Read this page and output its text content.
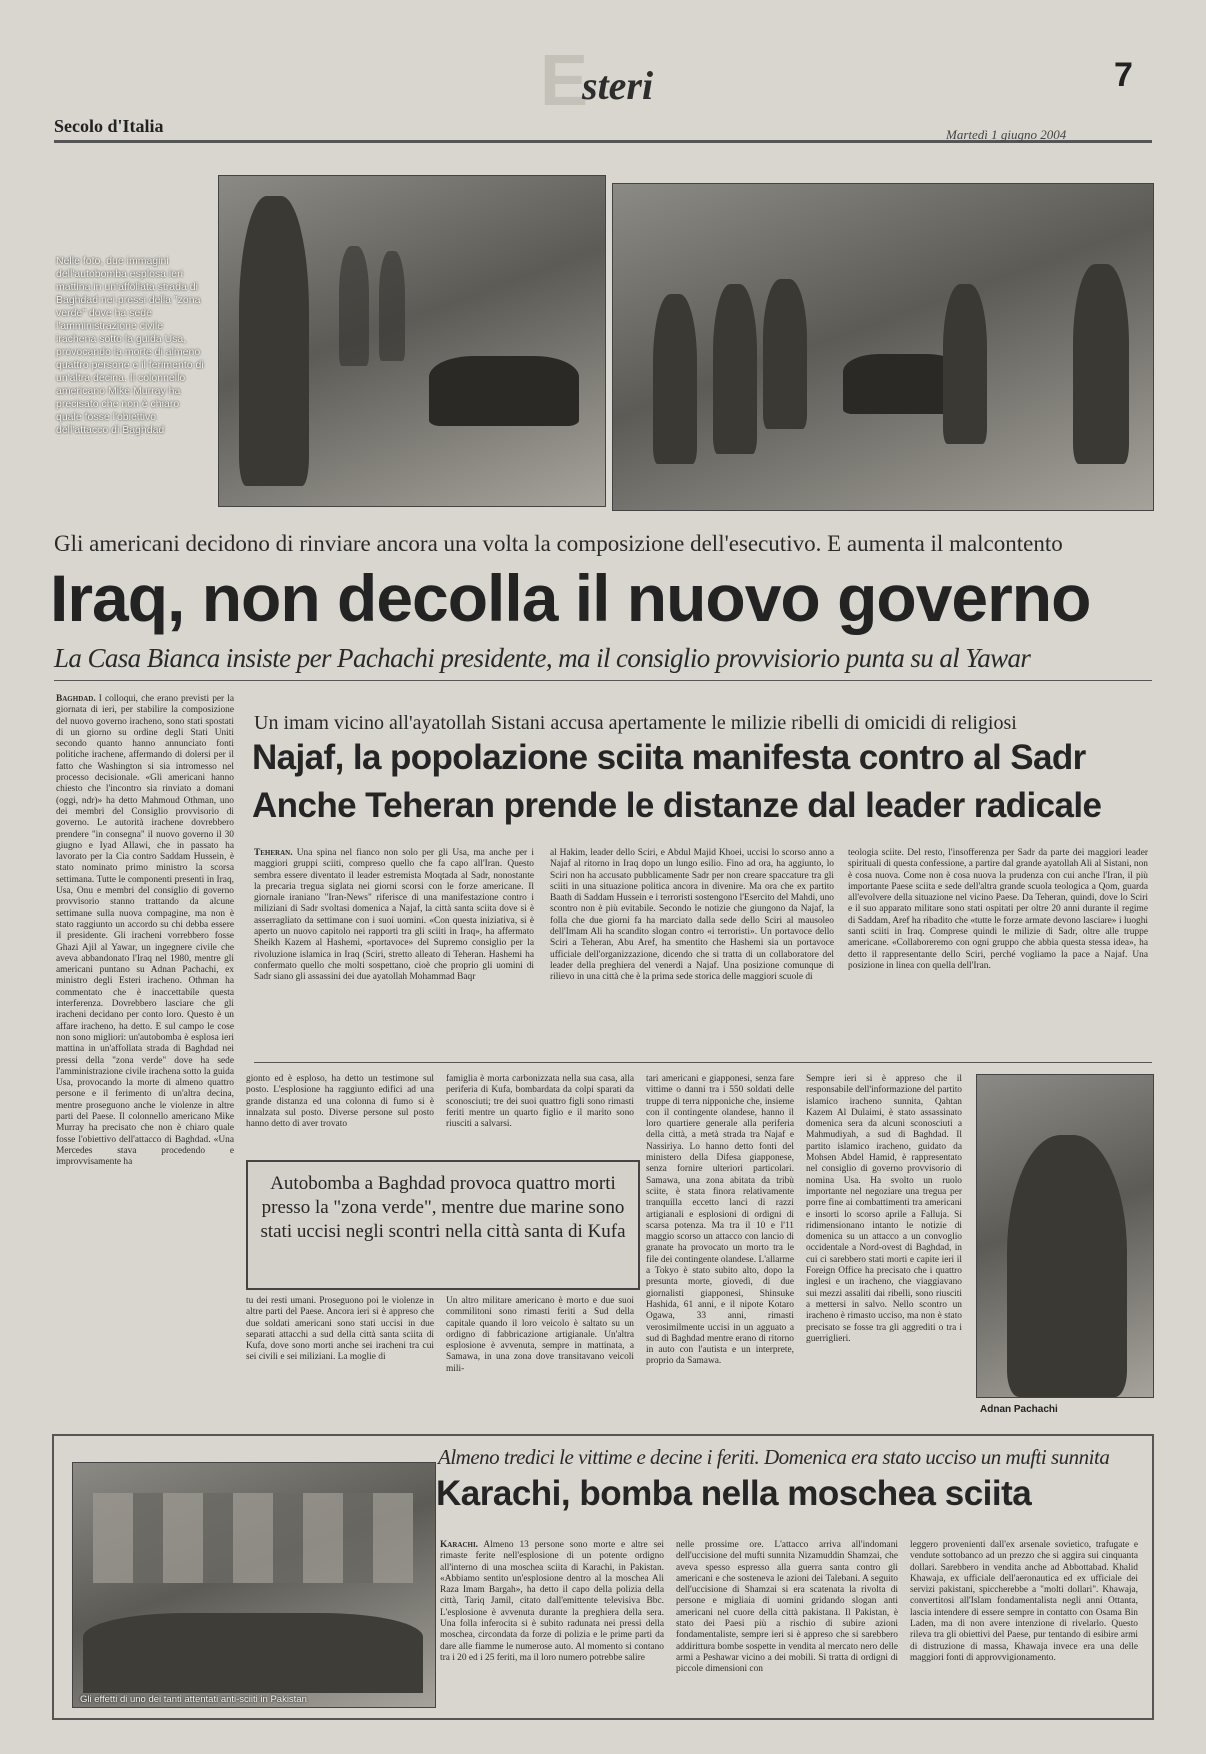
E
steri	7
Secolo d'Italia	Martedì 1 giugno 2004
Nelle foto, due immagini dell'autobomba esplosa ieri mattina in un'affollata strada di Baghdad nei pressi della "zona verde" dove ha sede l'amministrazione civile irachena sotto la guida Usa, provocando la morte di almeno quattro persone e il ferimento di un'altra decina. Il colonnello americano Mike Murray ha precisato che non è chiaro quale fosse l'obiettivo dell'attacco di Baghdad
Gli americani decidono di rinviare ancora una volta la composizione dell'esecutivo. E aumenta il malcontento
Iraq, non decolla il nuovo governo
La Casa Bianca insiste per Pachachi presidente, ma il consiglio provvisiorio punta su al Yawar
Baghdad. I colloqui, che erano previsti per la giornata di ieri, per stabilire la composizione del nuovo governo iracheno, sono stati spostati di un giorno su ordine degli Stati Uniti secondo quanto hanno annunciato fonti politiche irachene, affermando di dolersi per il fatto che Washington si sia intromesso nel processo decisionale. «Gli americani hanno chiesto che l'incontro sia rinviato a domani (oggi, ndr)» ha detto Mahmoud Othman, uno dei membri del Consiglio provvisorio di governo. Le autorità irachene dovrebbero prendere "in consegna" il nuovo governo il 30 giugno e Iyad Allawi, che in passato ha lavorato per la Cia contro Saddam Hussein, è stato nominato primo ministro la scorsa settimana. Tutte le componenti presenti in Iraq, Usa, Onu e membri del consiglio di governo provvisorio stanno trattando da alcune settimane sulla nuova compagine, ma non è stato raggiunto un accordo su chi debba essere il presidente. Gli iracheni vorrebbero fosse Ghazi Ajil al Yawar, un ingegnere civile che aveva abbandonato l'Iraq nel 1980, mentre gli americani puntano su Adnan Pachachi, ex ministro degli Esteri iracheno. Othman ha commentato che è inaccettabile questa interferenza. Dovrebbero lasciare che gli iracheni decidano per conto loro. Questo è un affare iracheno, ha detto. E sul campo le cose non sono migliori: un'autobomba è esplosa ieri mattina in un'affollata strada di Baghdad nei pressi della "zona verde" dove ha sede l'amministrazione civile irachena sotto la guida Usa, provocando la morte di almeno quattro persone e il ferimento di un'altra decina, mentre proseguono anche le violenze in altre parti del Paese. Il colonnello americano Mike Murray ha precisato che non è chiaro quale fosse l'obiettivo dell'attacco di Baghdad. «Una Mercedes stava procedendo e improvvisamente ha
Un imam vicino all'ayatollah Sistani accusa apertamente le milizie ribelli di omicidi di religiosi
Najaf, la popolazione sciita manifesta contro al Sadr
Anche Teheran prende le distanze dal leader radicale
Teheran. Una spina nel fianco non solo per gli Usa, ma anche per i maggiori gruppi sciiti, compreso quello che fa capo all'Iran. Questo sembra essere diventato il leader estremista Moqtada al Sadr, nonostante la precaria tregua siglata nei giorni scorsi con le forze americane. Il giornale iraniano "Iran-News" riferisce di una manifestazione contro i miliziani di Sadr svoltasi domenica a Najaf, la città santa sciita dove si è asserragliato da settimane con i suoi uomini. «Con questa iniziativa, si è aperto un nuovo capitolo nei rapporti tra gli sciiti in Iraq», ha affermato Sheikh Kazem al Hashemi, «portavoce» del Supremo consiglio per la rivoluzione islamica in Iraq (Sciri, stretto alleato di Teheran. Hashemi ha confermato quello che molti sospettano, cioè che proprio gli uomini di Sadr siano gli assassini dei due ayatollah Mohammad Baqr
al Hakim, leader dello Sciri, e Abdul Majid Khoei, uccisi lo scorso anno a Najaf al ritorno in Iraq dopo un lungo esilio. Fino ad ora, ha aggiunto, lo Sciri non ha accusato pubblicamente Sadr per non creare spaccature tra gli sciiti in una situazione politica ancora in divenire. Ma ora che ex partito Baath di Saddam Hussein e i terroristi sostengono l'Esercito del Mahdi, uno scontro non è più evitabile. Secondo le notizie che giungono da Najaf, la folla che due giorni fa ha marciato dalla sede dello Sciri al mausoleo dell'Imam Ali ha scandito slogan contro «i terroristi». Un portavoce dello Sciri a Teheran, Abu Aref, ha smentito che Hashemi sia un portavoce ufficiale dell'organizzazione, dicendo che si tratta di un collaboratore del leader della preghiera del venerdì a Najaf. Una posizione comunque di rilievo in una città che è la prima sede storica delle maggiori scuole di
teologia sciite. Del resto, l'insofferenza per Sadr da parte dei maggiori leader spirituali di questa confessione, a partire dal grande ayatollah Ali al Sistani, non è cosa nuova. Come non è cosa nuova la prudenza con cui anche l'Iran, il più importante Paese sciita e sede dell'altra grande scuola teologica a Qom, guarda all'evolvere della situazione nel vicino Paese. Da Teheran, quindi, dove lo Sciri e il suo apparato militare sono stati ospitati per oltre 20 anni durante il regime di Saddam, Aref ha ribadito che «tutte le forze armate devono lasciare» i luoghi santi sciiti in Iraq. Comprese quindi le milizie di Sadr, oltre alle truppe americane. «Collaboreremo con ogni gruppo che abbia questa stessa idea», ha detto il rappresentante dello Sciri, perché vogliamo la pace a Najaf. Una posizione in linea con quella dell'Iran.
gionto ed è esploso, ha detto un testimone sul posto. L'esplosione ha raggiunto edifici ad una grande distanza ed una colonna di fumo si è innalzata sul posto. Diverse persone sul posto hanno detto di aver trovato
famiglia è morta carbonizzata nella sua casa, alla periferia di Kufa, bombardata da colpi sparati da sconosciuti; tre dei suoi quattro figli sono rimasti feriti mentre un quarto figlio e il marito sono riusciti a salvarsi.
Autobomba a Baghdad provoca quattro morti presso la "zona verde", mentre due marine sono stati uccisi negli scontri nella città santa di Kufa
tu dei resti umani. Proseguono poi le violenze in altre parti del Paese. Ancora ieri si è appreso che due soldati americani sono stati uccisi in due separati attacchi a sud della città santa sciita di Kufa, dove sono morti anche sei iracheni tra cui sei civili e sei miliziani. La moglie di
Un altro militare americano è morto e due suoi commilitoni sono rimasti feriti a Sud della capitale quando il loro veicolo è saltato su un ordigno di fabbricazione artigianale. Un'altra esplosione è avvenuta, sempre in mattinata, a Samawa, in una zona dove transitavano veicoli mili-
tari americani e giapponesi, senza fare vittime o danni tra i 550 soldati delle truppe di terra nipponiche che, insieme con il contingente olandese, hanno il loro quartiere generale alla periferia della città, a metà strada tra Najaf e Nassiriya. Lo hanno detto fonti del ministero della Difesa giapponese, senza fornire ulteriori particolari. Samawa, una zona abitata da tribù sciite, è stata finora relativamente tranquilla eccetto lanci di razzi artigianali e esplosioni di ordigni di scarsa potenza. Ma tra il 10 e l'11 maggio scorso un attacco con lancio di granate ha provocato un morto tra le file dei contingente olandese. L'allarme a Tokyo è stato subito alto, dopo la presunta morte, giovedì, di due giornalisti giapponesi, Shinsuke Hashida, 61 anni, e il nipote Kotaro Ogawa, 33 anni, rimasti verosimilmente uccisi in un agguato a sud di Baghdad mentre erano di ritorno in auto con l'autista e un interprete, proprio da Samawa.
Sempre ieri si è appreso che il responsabile dell'informazione del partito islamico iracheno sunnita, Qahtan Kazem Al Dulaimi, è stato assassinato domenica sera da alcuni sconosciuti a Mahmudiyah, a sud di Baghdad. Il partito islamico iracheno, guidato da Mohsen Abdel Hamid, è rappresentato nel consiglio di governo provvisorio di nomina Usa. Ha svolto un ruolo importante nel negoziare una tregua per porre fine ai combattimenti tra americani e insorti lo scorso aprile a Falluja. Si ridimensionano intanto le notizie di domenica su un attacco a un convoglio occidentale a Nord-ovest di Baghdad, in cui ci sarebbero stati morti e capite ieri il Foreign Office ha precisato che i quattro inglesi e un iracheno, che viaggiavano sui mezzi assaliti dai ribelli, sono riusciti a mettersi in salvo. Nello scontro un iracheno è rimasto ucciso, ma non è stato precisato se fosse tra gli aggrediti o tra i guerriglieri.
Adnan Pachachi
Gli effetti di uno dei tanti attentati anti-sciiti in Pakistan
Almeno tredici le vittime e decine i feriti. Domenica era stato ucciso un mufti sunnita
Karachi, bomba nella moschea sciita
Karachi. Almeno 13 persone sono morte e altre sei rimaste ferite nell'esplosione di un potente ordigno all'interno di una moschea sciita di Karachi, in Pakistan. «Abbiamo sentito un'esplosione dentro al la moschea Ali Raza Imam Bargah», ha detto il capo della polizia della città, Tariq Jamil, citato dall'emittente televisiva Bbc. L'esplosione è avvenuta durante la preghiera della sera. Una folla inferocita si è subito radunata nei pressi della moschea, circondata da forze di polizia e le prime parti da dare alle fiamme le numerose auto. Al momento si contano tra i 20 ed i 25 feriti, ma il loro numero potrebbe salire
nelle prossime ore. L'attacco arriva all'indomani dell'uccisione del mufti sunnita Nizamuddin Shamzai, che aveva spesso espresso alla guerra santa contro gli americani e che sosteneva le azioni dei Talebani. A seguito dell'uccisione di Shamzai si era scatenata la rivolta di persone e migliaia di uomini gridando slogan anti americani nel cuore della città pakistana. Il Pakistan, è stato dei Paesi più a rischio di subire azioni fondamentaliste, sempre ieri si è appreso che si sarebbero addirittura bombe sospette in vendita al mercato nero delle armi a Peshawar vicino a dei mobili. Si tratta di ordigni di piccole dimensioni con
leggero provenienti dall'ex arsenale sovietico, trafugate e vendute sottobanco ad un prezzo che si aggira sui cinquanta dollari. Sarebbero in vendita anche ad Abbottabad. Khalid Khawaja, ex ufficiale dell'aeronautica ed ex ufficiale dei servizi pakistani, spiccherebbe a "molti dollari". Khawaja, convertitosi all'Islam fondamentalista negli anni Ottanta, lascia intendere di essere sempre in contatto con Osama Bin Laden, ma di non avere intenzione di rivelarlo. Questo rileva tra gli obiettivi del Paese, pur tentando di esibire armi di distruzione di massa, Khawaja invece era una delle maggiori fonti di approvvigionamento.
